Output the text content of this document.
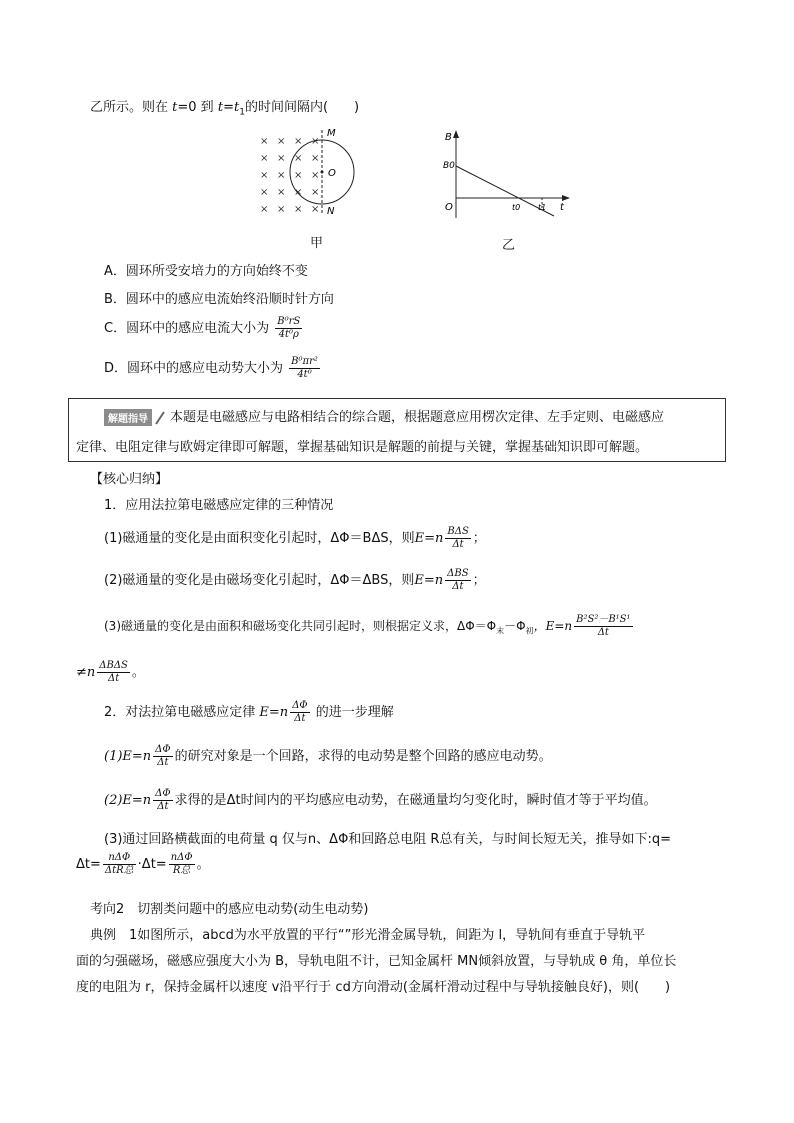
乙所示。则在 t=0 到 $t=t_1$的时间间隔内(　　)
× × × ×
× × × ×
× × × ×
× × × ×
× × × ×
M
O
N
甲
B
B0
O	t0 t1 t
乙
A．圆环所受安培力的方向始终不变
B．圆环中的感应电流始终沿顺时针方向
C．圆环中的感应电流大小为 $\frac{\text{B⁰rS}}{\text{4t⁰ρ}}$
D．圆环中的感应电动势大小为 $\frac{\text{B⁰πr²}}{\text{4t⁰}}$
解题指导 本题是电磁感应与电路相结合的综合题，根据题意应用楞次定律、左手定则、电磁感应
定律、电阻定律与欧姆定律即可解题，掌握基础知识是解题的前提与关键，掌握基础知识即可解题。
【核心归纳】
1．应用法拉第电磁感应定律的三种情况
(1)磁通量的变化是由面积变化引起时，ΔΦ＝BΔS，则$E=n \frac{\text{BΔS}}{\Delta t}$ ；
(2)磁通量的变化是由磁场变化引起时，ΔΦ＝ΔBS，则$E=n \frac{\text{ΔBS}}{\Delta t}$ ；
(3)磁通量的变化是由面积和磁场变化共同引起时，则根据定义求，$\Delta\Phi=\Phi_末-\Phi_初$，$E=n \frac{\text{B²S²－B¹S¹}}{\Delta t}$
$\ne n \frac{\text{ΔBΔS}}{\Delta t}$ 。
2．对法拉第电磁感应定律 $E=n \frac{\Delta\Phi}{\Delta t}$ 的进一步理解
$(1)E=n \frac{\Delta\Phi}{\Delta t}$ 的研究对象是一个回路，求得的电动势是整个回路的感应电动势。
$(2)E=n \frac{\Delta\Phi}{\Delta t}$ 求得的是Δt时间内的平均感应电动势，在磁通量均匀变化时，瞬时值才等于平均值。
(3)通过回路横截面的电荷量 q 仅与n、ΔΦ和回路总电阻 R总有关，与时间长短无关，推导如下:q=
$\Delta t= \frac{\text{nΔΦ}}{\text{ΔtR总}} \cdot\Delta t= \frac{\text{nΔΦ}}{\text{R总}}$ 。
考向2　切割类问题中的感应电动势(动生电动势)
典例　1如图所示，abcd为水平放置的平行“”形光滑金属导轨，间距为 l，导轨间有垂直于导轨平
面的匀强磁场，磁感应强度大小为 B，导轨电阻不计，已知金属杆 MN倾斜放置，与导轨成 θ 角，单位长
度的电阻为 r，保持金属杆以速度 v沿平行于 cd方向滑动(金属杆滑动过程中与导轨接触良好)，则(　　)
